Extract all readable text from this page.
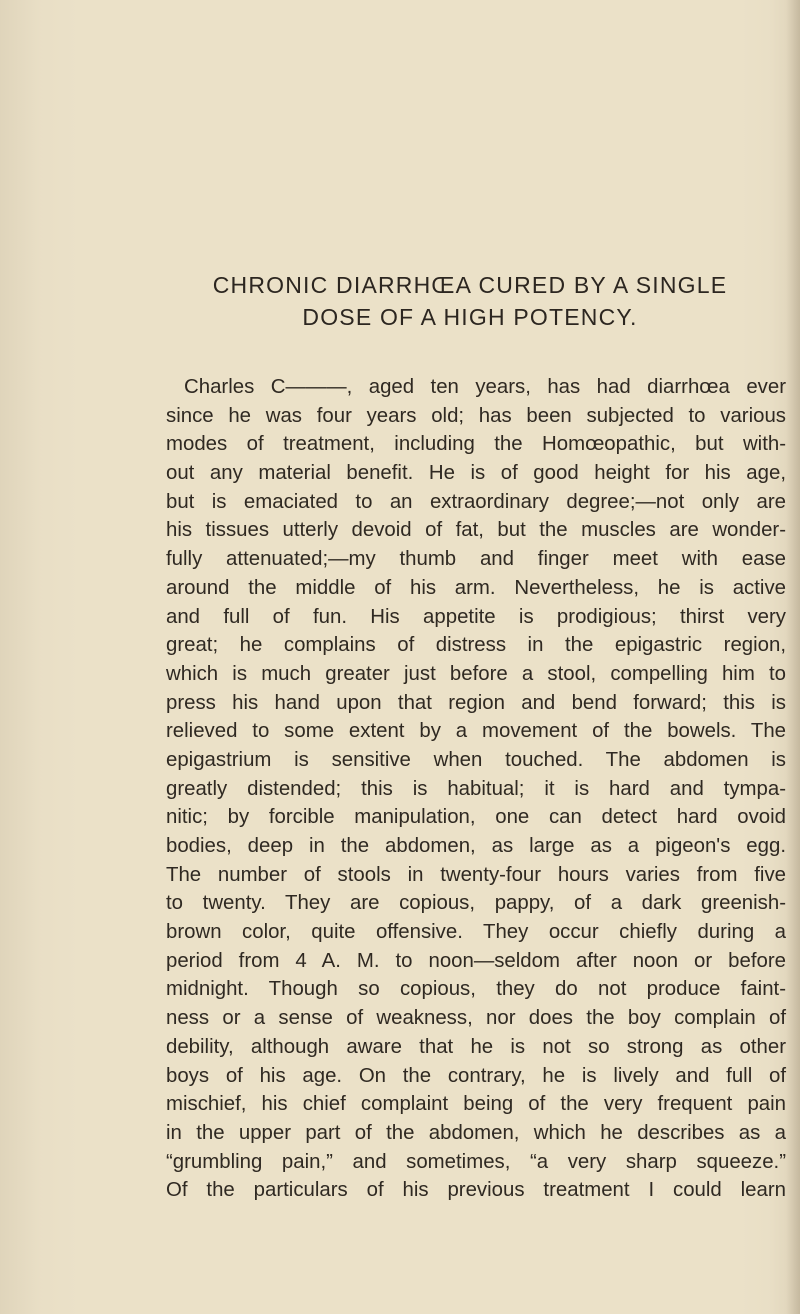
CHRONIC DIARRHŒA CURED BY A SINGLE
DOSE OF A HIGH POTENCY.
Charles C———, aged ten years, has had diarrhœa ever
since he was four years old; has been subjected to various
modes of treatment, including the Homœopathic, but with-
out any material benefit. He is of good height for his age,
but is emaciated to an extraordinary degree;—not only are
his tissues utterly devoid of fat, but the muscles are wonder-
fully attenuated;—my thumb and finger meet with ease
around the middle of his arm. Nevertheless, he is active
and full of fun. His appetite is prodigious; thirst very
great; he complains of distress in the epigastric region,
which is much greater just before a stool, compelling him to
press his hand upon that region and bend forward; this is
relieved to some extent by a movement of the bowels. The
epigastrium is sensitive when touched. The abdomen is
greatly distended; this is habitual; it is hard and tympa-
nitic; by forcible manipulation, one can detect hard ovoid
bodies, deep in the abdomen, as large as a pigeon's egg.
The number of stools in twenty-four hours varies from five
to twenty. They are copious, pappy, of a dark greenish-
brown color, quite offensive. They occur chiefly during a
period from 4 A. M. to noon—seldom after noon or before
midnight. Though so copious, they do not produce faint-
ness or a sense of weakness, nor does the boy complain of
debility, although aware that he is not so strong as other
boys of his age. On the contrary, he is lively and full of
mischief, his chief complaint being of the very frequent pain
in the upper part of the abdomen, which he describes as a
“grumbling pain,” and sometimes, “a very sharp squeeze.”
Of the particulars of his previous treatment I could learn
